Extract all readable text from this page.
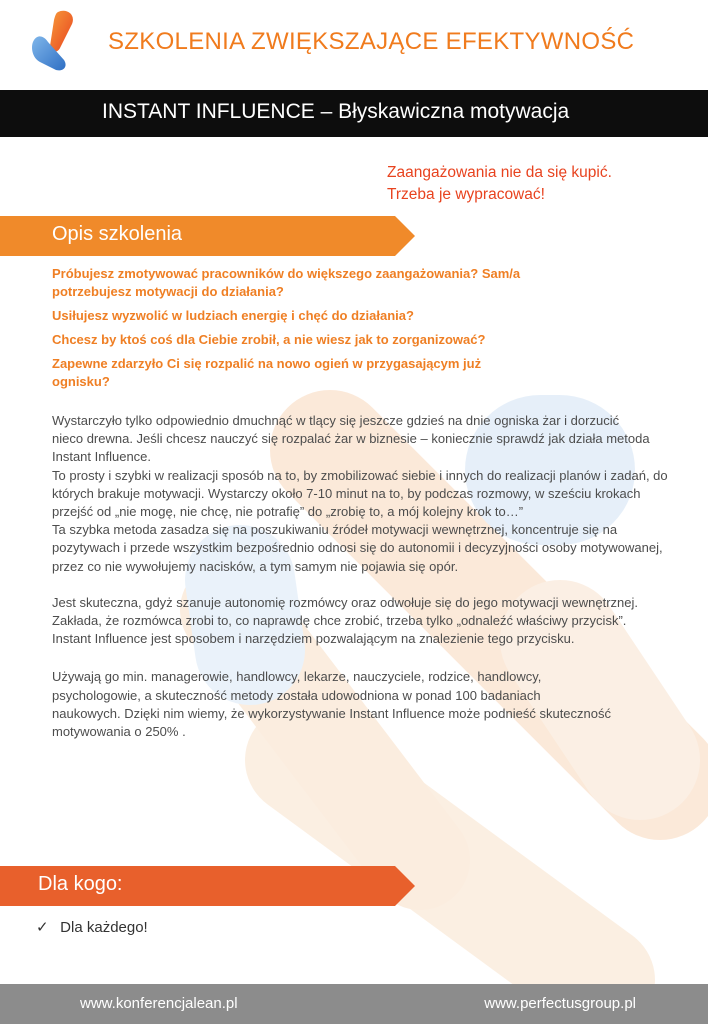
SZKOLENIA ZWIĘKSZAJĄCE EFEKTYWNOŚĆ
INSTANT INFLUENCE – Błyskawiczna motywacja
Zaangażowania nie da się kupić.
Trzeba je wypracować!
Opis szkolenia
Próbujesz zmotywować pracowników do większego zaangażowania? Sam/a potrzebujesz motywacji do działania?
Usiłujesz wyzwolić w ludziach energię i chęć do działania?
Chcesz by ktoś coś dla Ciebie zrobił, a nie wiesz jak to zorganizować?
Zapewne zdarzyło Ci się rozpalić na nowo ogień w przygasającym już ognisku?

Wystarczyło tylko odpowiednio dmuchnąć w tlący się jeszcze gdzieś na dnie ogniska żar i dorzucić nieco drewna. Jeśli chcesz nauczyć się rozpalać żar w biznesie – koniecznie sprawdź jak działa metoda Instant Influence.

To prosty i szybki w realizacji sposób na to, by zmobilizować siebie i innych do realizacji planów i zadań, do których brakuje motywacji. Wystarczy około 7-10 minut na to, by podczas rozmowy, w sześciu krokach przejść od „nie mogę, nie chcę, nie potrafię” do „zrobię to, a mój kolejny krok to…”

Ta szybka metoda zasadza się na poszukiwaniu źródeł motywacji wewnętrznej, koncentruje się na pozytywach i przede wszystkim bezpośrednio odnosi się do autonomii i decyzyjności osoby motywowanej, przez co nie wywołujemy nacisków, a tym samym nie pojawia się opór.

Jest skuteczna, gdyż szanuje autonomię rozmówcy oraz odwołuje się do jego motywacji wewnętrznej. Zakłada, że rozmówca zrobi to, co naprawdę chce zrobić, trzeba tylko „odnaleźć właściwy przycisk”. Instant Influence jest sposobem i narzędziem pozwalającym na znalezienie tego przycisku.

Używają go min. managerowie, handlowcy, lekarze, nauczyciele, rodzice, handlowcy, psychologowie, a skuteczność metody została udowodniona w ponad 100 badaniach naukowych. Dzięki nim wiemy, że wykorzystywanie Instant Influence może podnieść skuteczność motywowania o 250% .

Dla kogo:
✓ Dla każdego!
www.konferencjalean.pl	www.perfectusgroup.pl
